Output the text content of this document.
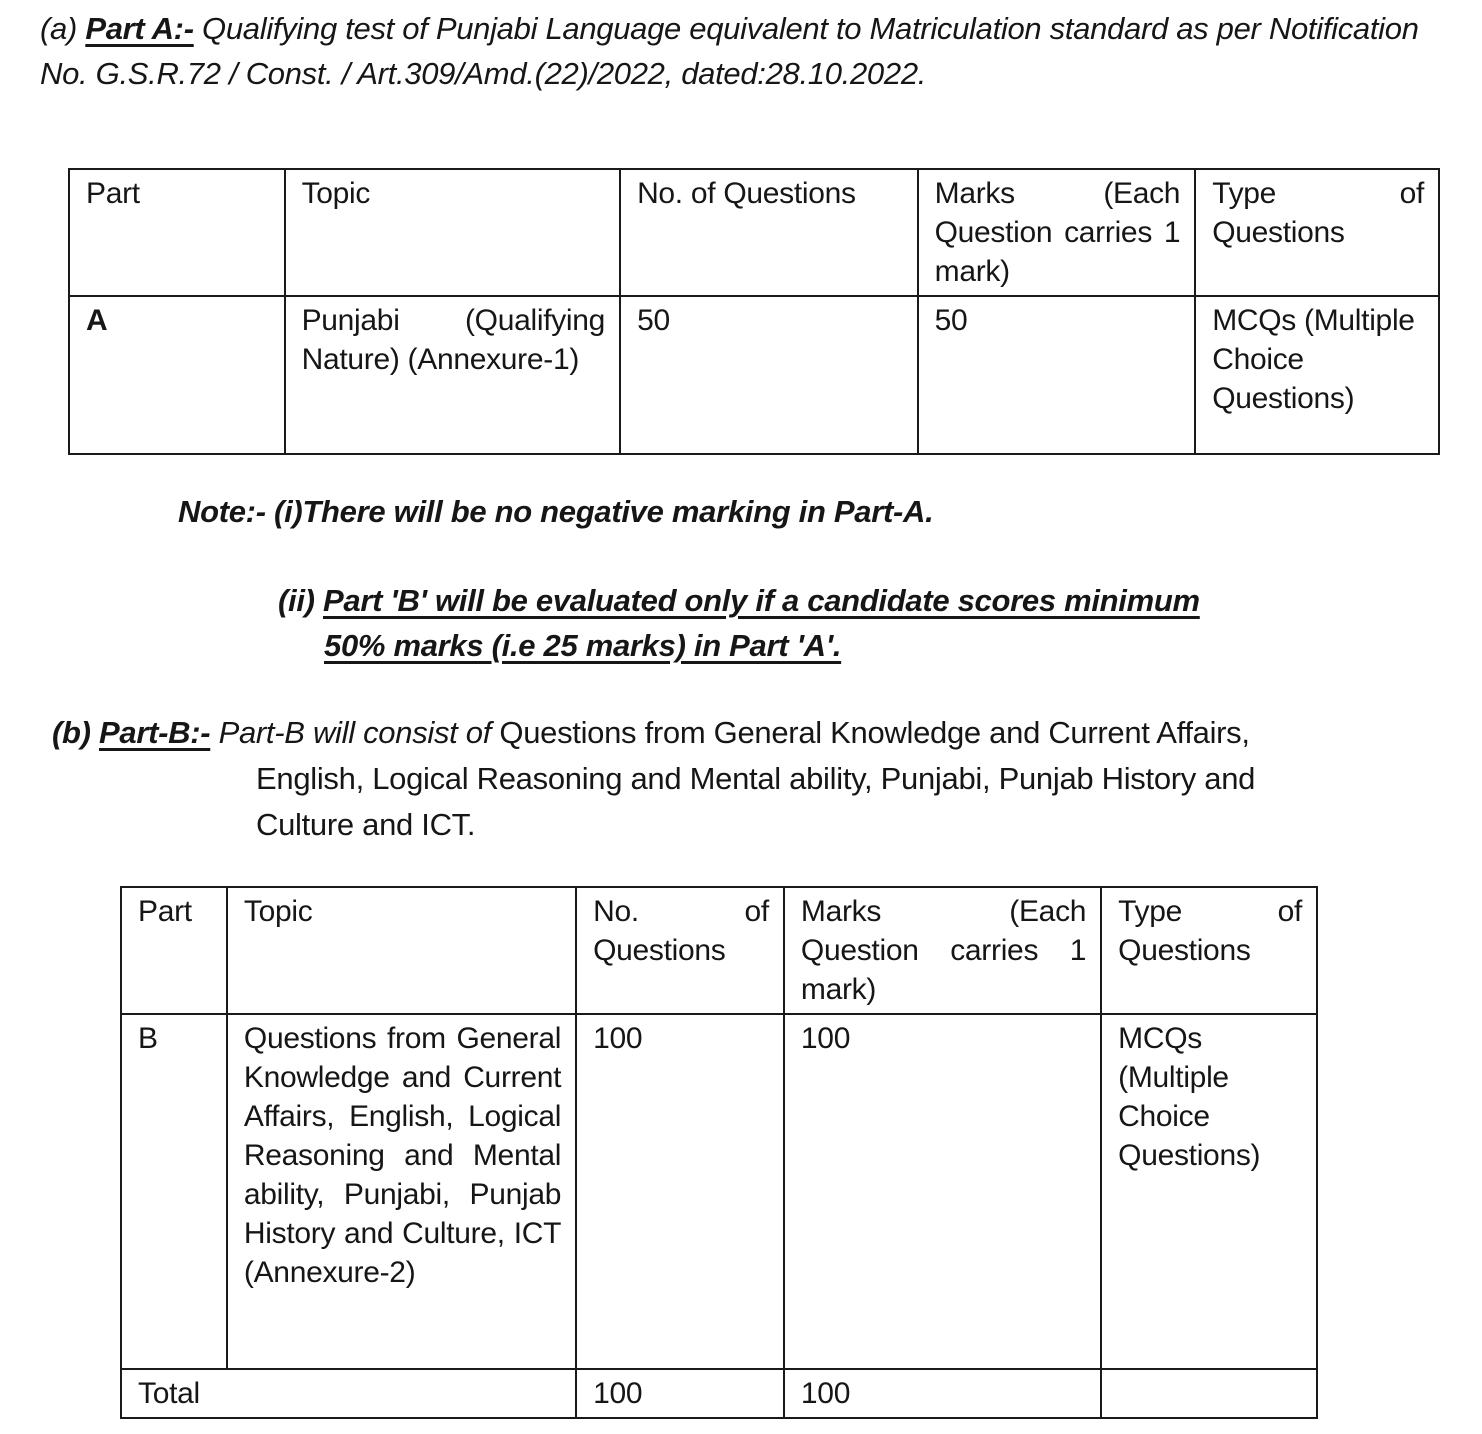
(a) Part A:- Qualifying test of Punjabi Language equivalent to Matriculation standard as per Notification No. G.S.R.72 / Const. / Art.309/Amd.(22)/2022, dated:28.10.2022.
Part	Topic	No. of Questions	Marks (Each Question carries 1 mark)	Type of Questions
A	Punjabi (Qualifying Nature) (Annexure-1)	50	50	MCQs (Multiple Choice Questions)
Note:- (i)There will be no negative marking in Part-A.
(ii) Part 'B' will be evaluated only if a candidate scores minimum
50% marks (i.e 25 marks) in Part 'A'.
(b) Part-B:- Part-B will consist of Questions from General Knowledge and Current Affairs,
English, Logical Reasoning and Mental ability, Punjabi, Punjab History and
Culture and ICT.
Part	Topic	No. of Questions	Marks (Each Question carries 1 mark)	Type of Questions
B	Questions from General Knowledge and Current Affairs, English, Logical Reasoning and Mental ability, Punjabi, Punjab History and Culture, ICT (Annexure-2)	100	100	MCQs (Multiple Choice Questions)
Total		100	100	
